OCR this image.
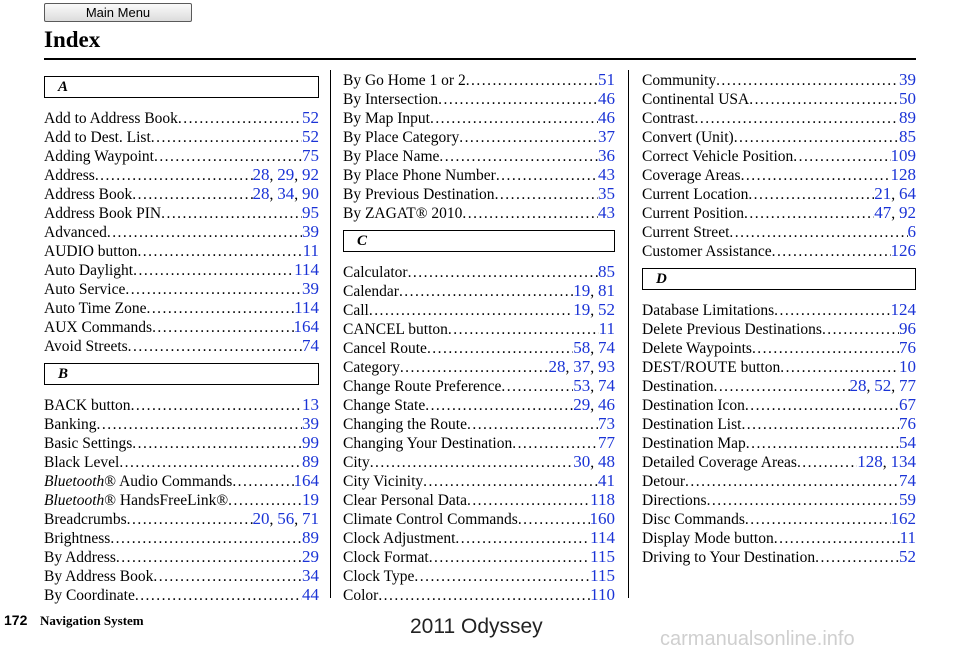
Main Menu
Index
A
Add to Address Book . . .	52
Add to Dest. List . . .	52
Adding Waypoint . . .	75
Address . . .	28, 29, 92
Address Book . . .	28, 34, 90
Address Book PIN . . .	95
Advanced . . .	39
AUDIO button . . .	11
Auto Daylight . . .	114
Auto Service . . .	39
Auto Time Zone . . .	114
AUX Commands . . .	164
Avoid Streets . . .	74
B
BACK button . . .	13
Banking . . .	39
Basic Settings . . .	99
Black Level . . .	89
Bluetooth® Audio Commands . . .	164
Bluetooth® HandsFreeLink® . . .	19
Breadcrumbs . . .	20, 56, 71
Brightness . . .	89
By Address . . .	29
By Address Book . . .	34
By Coordinate . . .	44
By Go Home 1 or 2 . . .	51
By Intersection . . .	46
By Map Input . . .	46
By Place Category . . .	37
By Place Name . . .	36
By Place Phone Number . . .	43
By Previous Destination . . .	35
By ZAGAT® 2010 . . .	43
C
Calculator . . .	85
Calendar . . .	19, 81
Call . . .	19, 52
CANCEL button . . .	11
Cancel Route . . .	58, 74
Category . . .	28, 37, 93
Change Route Preference . . .	53, 74
Change State . . .	29, 46
Changing the Route . . .	73
Changing Your Destination . . .	77
City . . .	30, 48
City Vicinity . . .	41
Clear Personal Data . . .	118
Climate Control Commands . . .	160
Clock Adjustment . . .	114
Clock Format . . .	115
Clock Type . . .	115
Color . . .	110
Community . . .	39
Continental USA . . .	50
Contrast . . .	89
Convert (Unit) . . .	85
Correct Vehicle Position . . .	109
Coverage Areas . . .	128
Current Location . . .	21, 64
Current Position . . .	47, 92
Current Street . . .	6
Customer Assistance . . .	126
D
Database Limitations . . .	124
Delete Previous Destinations . . .	96
Delete Waypoints . . .	76
DEST/ROUTE button . . .	10
Destination . . .	28, 52, 77
Destination Icon . . .	67
Destination List . . .	76
Destination Map . . .	54
Detailed Coverage Areas . . .	128, 134
Detour . . .	74
Directions . . .	59
Disc Commands . . .	162
Display Mode button . . .	11
Driving to Your Destination . . .	52
172 Navigation System	2011 Odyssey
carmanualsonline.info
